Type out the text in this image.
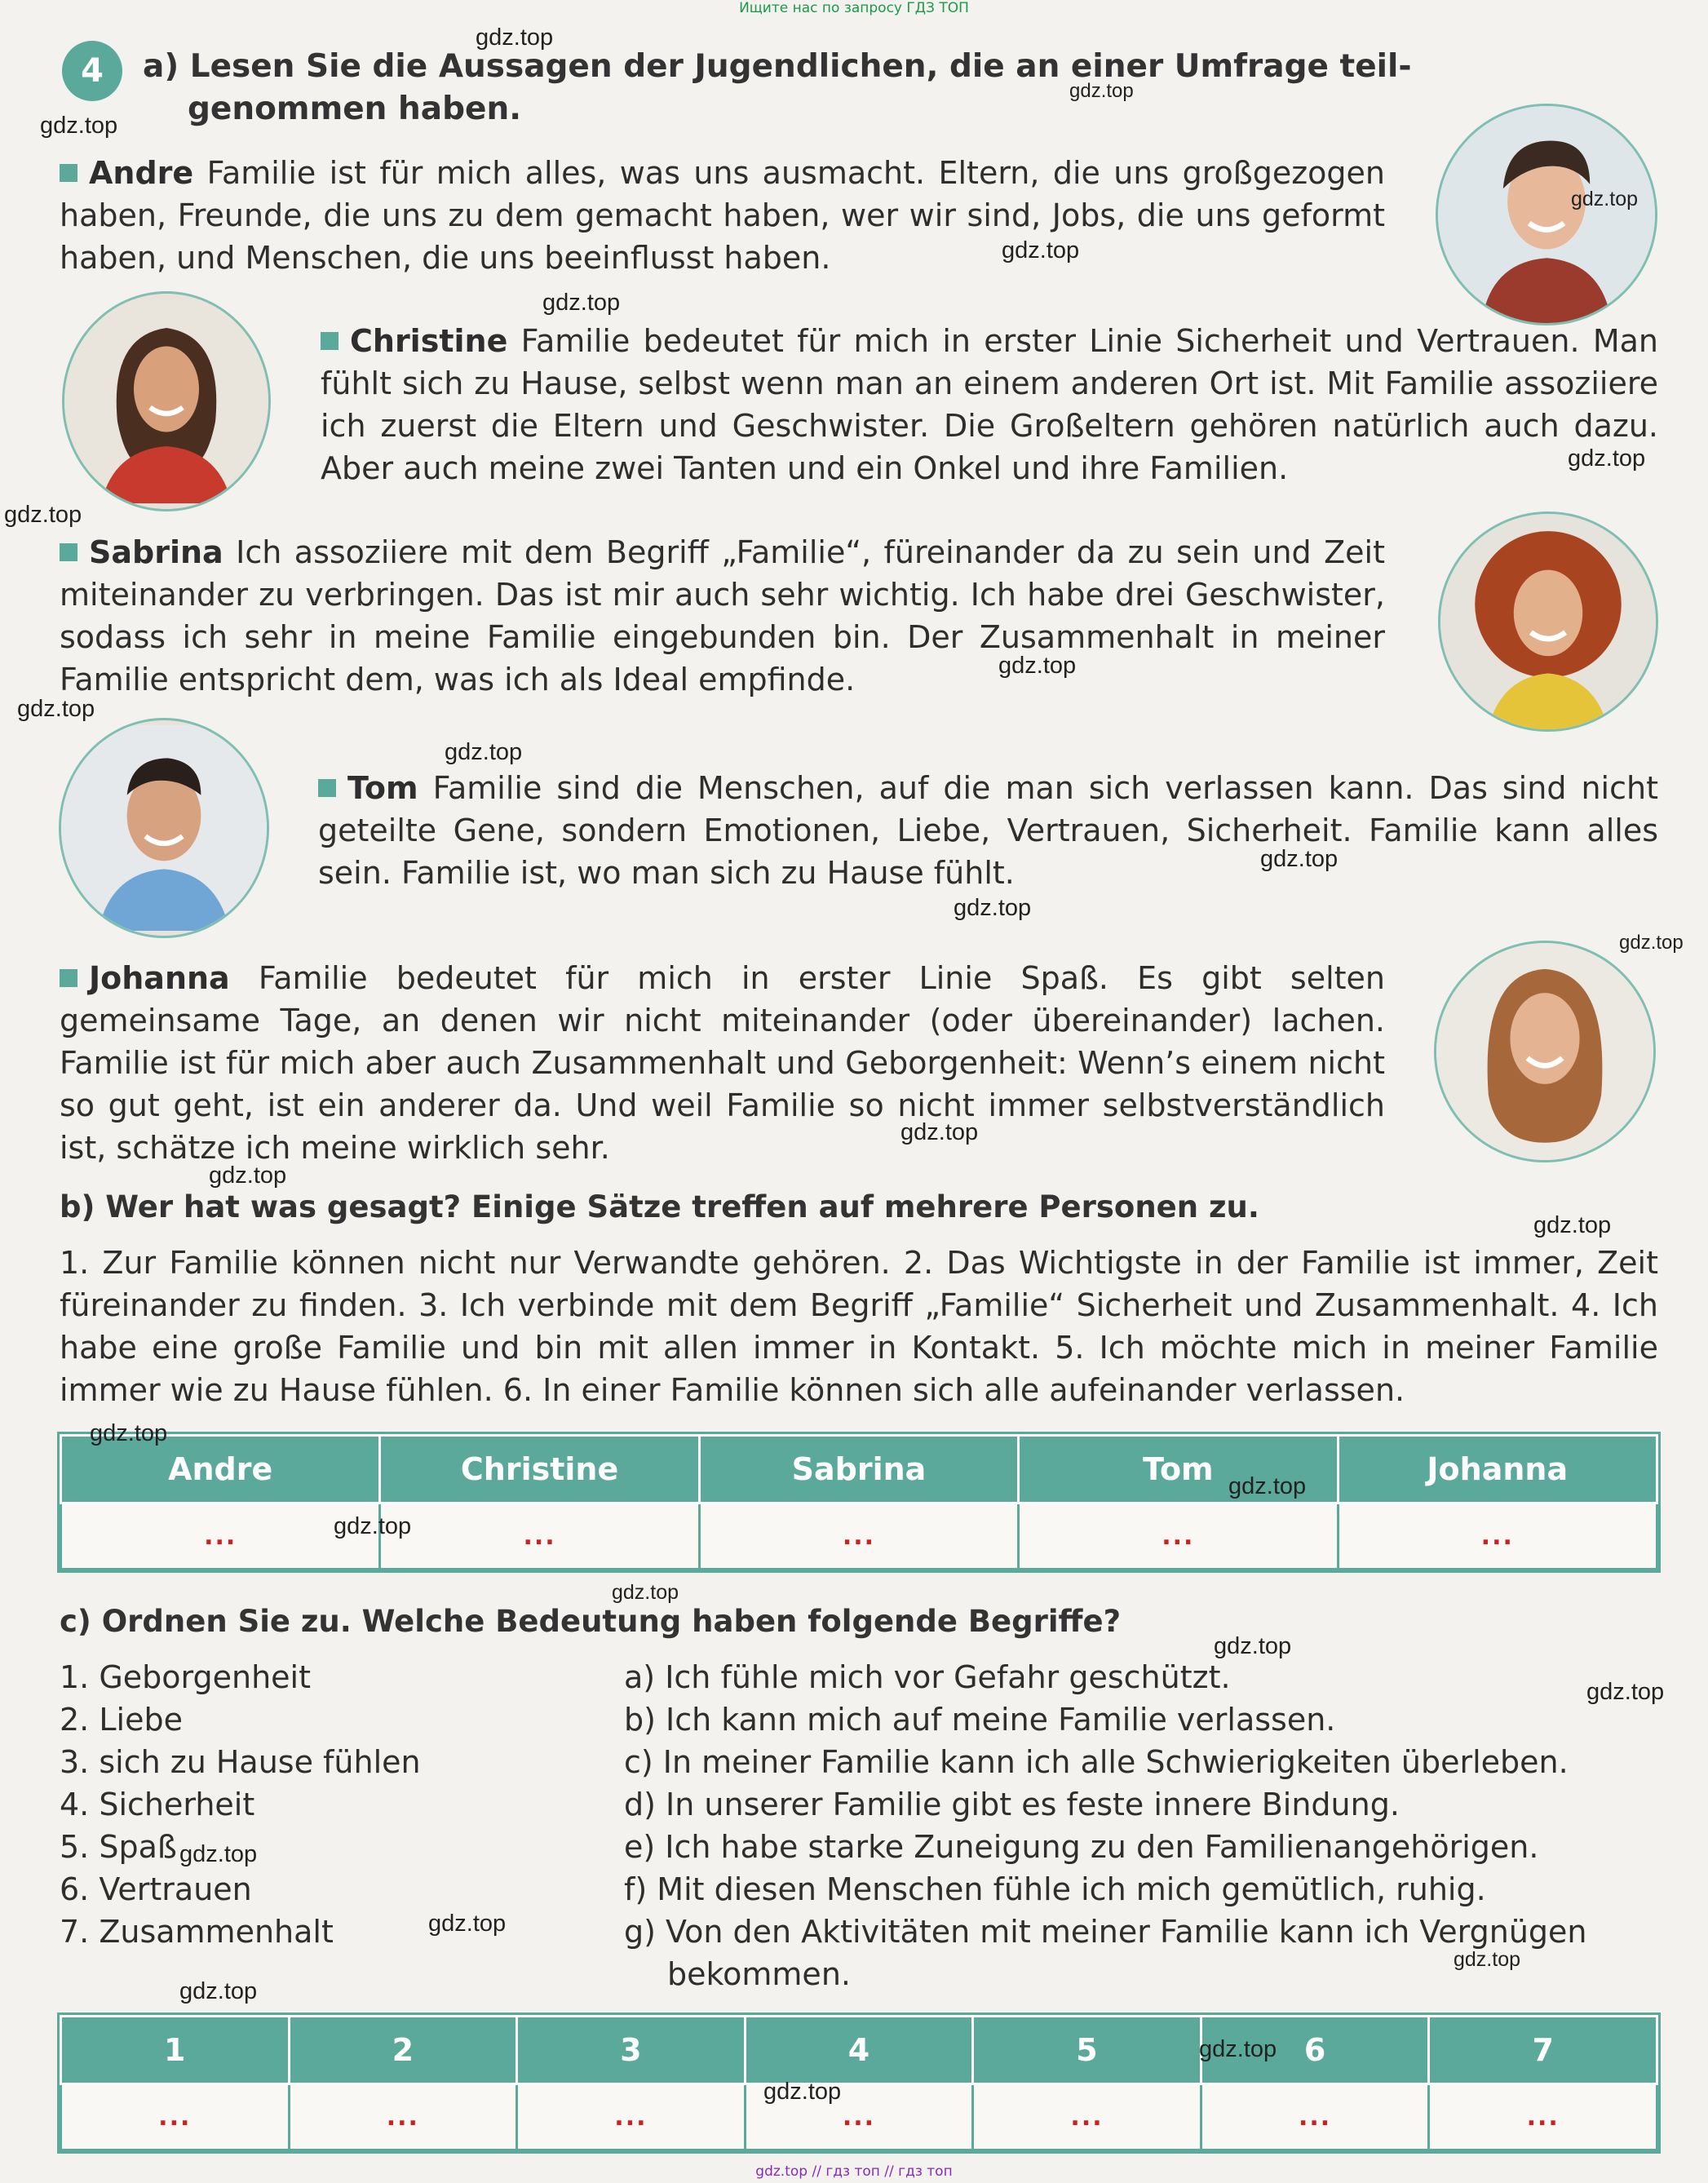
Ищите нас по запросу ГДЗ ТОП
gdz.top // гдз топ // гдз топ
4	a) Lesen Sie die Aussagen der Jugendlichen, die an einer Umfrage teil-
genommen haben.
Andre Familie ist für mich alles, was uns ausmacht. Eltern, die uns großgezogen haben, Freunde, die uns zu dem gemacht haben, wer wir sind, Jobs, die uns geformt haben, und Menschen, die uns beeinflusst haben.
Christine Familie bedeutet für mich in erster Linie Sicherheit und Vertrauen. Man fühlt sich zu Hause, selbst wenn man an einem anderen Ort ist. Mit Familie assoziiere ich zuerst die Eltern und Geschwister. Die Großeltern gehören natürlich auch dazu. Aber auch meine zwei Tanten und ein Onkel und ihre Familien.
Sabrina Ich assoziiere mit dem Begriff „Familie“, füreinander da zu sein und Zeit miteinander zu verbringen. Das ist mir auch sehr wichtig. Ich habe drei Geschwister, sodass ich sehr in meine Familie eingebunden bin. Der Zusammenhalt in meiner Familie entspricht dem, was ich als Ideal empfinde.
Tom Familie sind die Menschen, auf die man sich verlassen kann. Das sind nicht geteilte Gene, sondern Emotionen, Liebe, Vertrauen, Sicherheit. Familie kann alles sein. Familie ist, wo man sich zu Hause fühlt.
Johanna Familie bedeutet für mich in erster Linie Spaß. Es gibt selten gemeinsame Tage, an denen wir nicht miteinander (oder übereinander) lachen. Familie ist für mich aber auch Zusammenhalt und Geborgenheit: Wenn’s einem nicht so gut geht, ist ein anderer da. Und weil Familie so nicht immer selbstverständlich ist, schätze ich meine wirklich sehr.
b) Wer hat was gesagt? Einige Sätze treffen auf mehrere Personen zu.
1. Zur Familie können nicht nur Verwandte gehören. 2. Das Wichtigste in der Familie ist immer, Zeit füreinander zu finden. 3. Ich verbinde mit dem Begriff „Familie“ Sicherheit und Zusammenhalt. 4. Ich habe eine große Familie und bin mit allen immer in Kontakt. 5. Ich möchte mich in meiner Familie immer wie zu Hause fühlen. 6. In einer Familie können sich alle aufeinander verlassen.
Andre	Christine	Sabrina	Tom	Johanna
...	...	...	...	...
c) Ordnen Sie zu. Welche Bedeutung haben folgende Begriffe?
1. Geborgenheit
2. Liebe
3. sich zu Hause fühlen
4. Sicherheit
5. Spaß
6. Vertrauen
7. Zusammenhalt
a) Ich fühle mich vor Gefahr geschützt.
b) Ich kann mich auf meine Familie verlassen.
c) In meiner Familie kann ich alle Schwierigkeiten überleben.
d) In unserer Familie gibt es feste innere Bindung.
e) Ich habe starke Zuneigung zu den Familienangehörigen.
f) Mit diesen Menschen fühle ich mich gemütlich, ruhig.
g) Von den Aktivitäten mit meiner Familie kann ich Vergnügen
bekommen.
1	2	3	4	5	6	7
...	...	...	...	...	...	...
gdz.top
gdz.top
gdz.top
gdz.top
gdz.top
gdz.top
gdz.top
gdz.top
gdz.top
gdz.top
gdz.top
gdz.top
gdz.top
gdz.top
gdz.top
gdz.top
gdz.top
gdz.top
gdz.top
gdz.top
gdz.top
gdz.top
gdz.top
gdz.top
gdz.top
gdz.top
gdz.top
gdz.top
gdz.top
